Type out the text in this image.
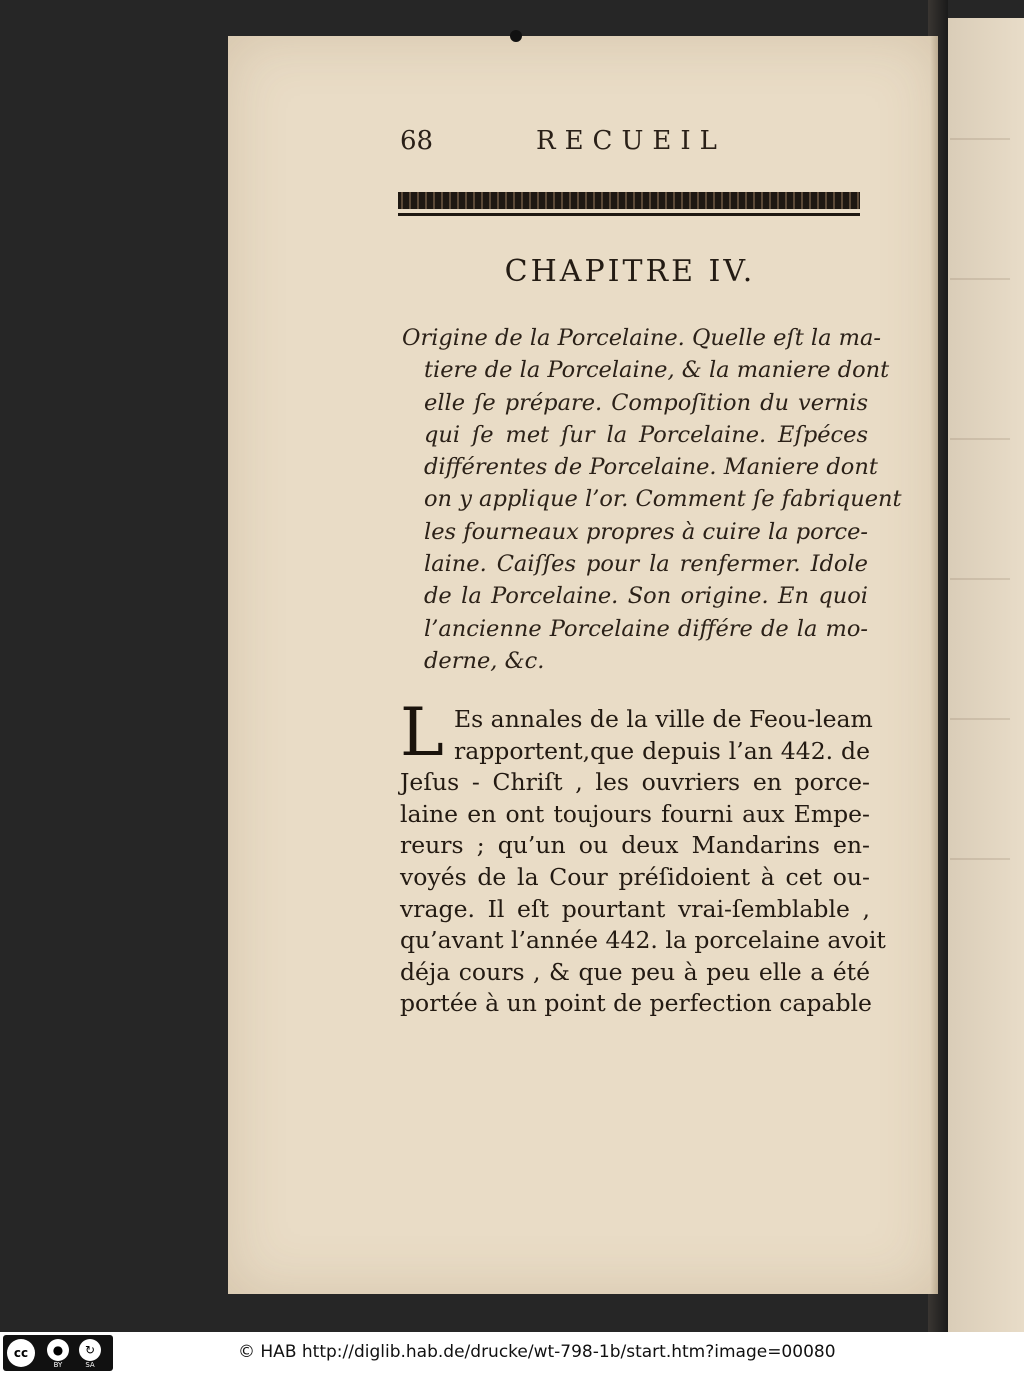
68	RECUEIL
CHAPITRE IV.
Origine de la Porcelaine. Quelle eſt la ma-
tiere de la Porcelaine, & la maniere dont
elle ſe prépare. Compoſition du vernis
qui ſe met ſur la Porcelaine. Eſpéces
différentes de Porcelaine. Maniere dont
on y applique l’or. Comment ſe fabriquent
les fourneaux propres à cuire la porce-
laine. Caiſſes pour la renfermer. Idole
de la Porcelaine. Son origine. En quoi
l’ancienne Porcelaine différe de la mo-
derne, &c.
L Es annales de la ville de Feou-leam
rapportent,que depuis l’an 442. de
Jeſus - Chriſt , les ouvriers en porce-
laine en ont toujours fourni aux Empe-
reurs ; qu’un ou deux Mandarins en-
voyés de la Cour préſidoient à cet ou-
vrage. Il eſt pourtant vrai-ſemblable ,
qu’avant l’année 442. la porcelaine avoit
déja cours , & que peu à peu elle a été
portée à un point de perfection capable
cc	●	↻
BY	SA
© HAB http://diglib.hab.de/drucke/wt-798-1b/start.htm?image=00080
